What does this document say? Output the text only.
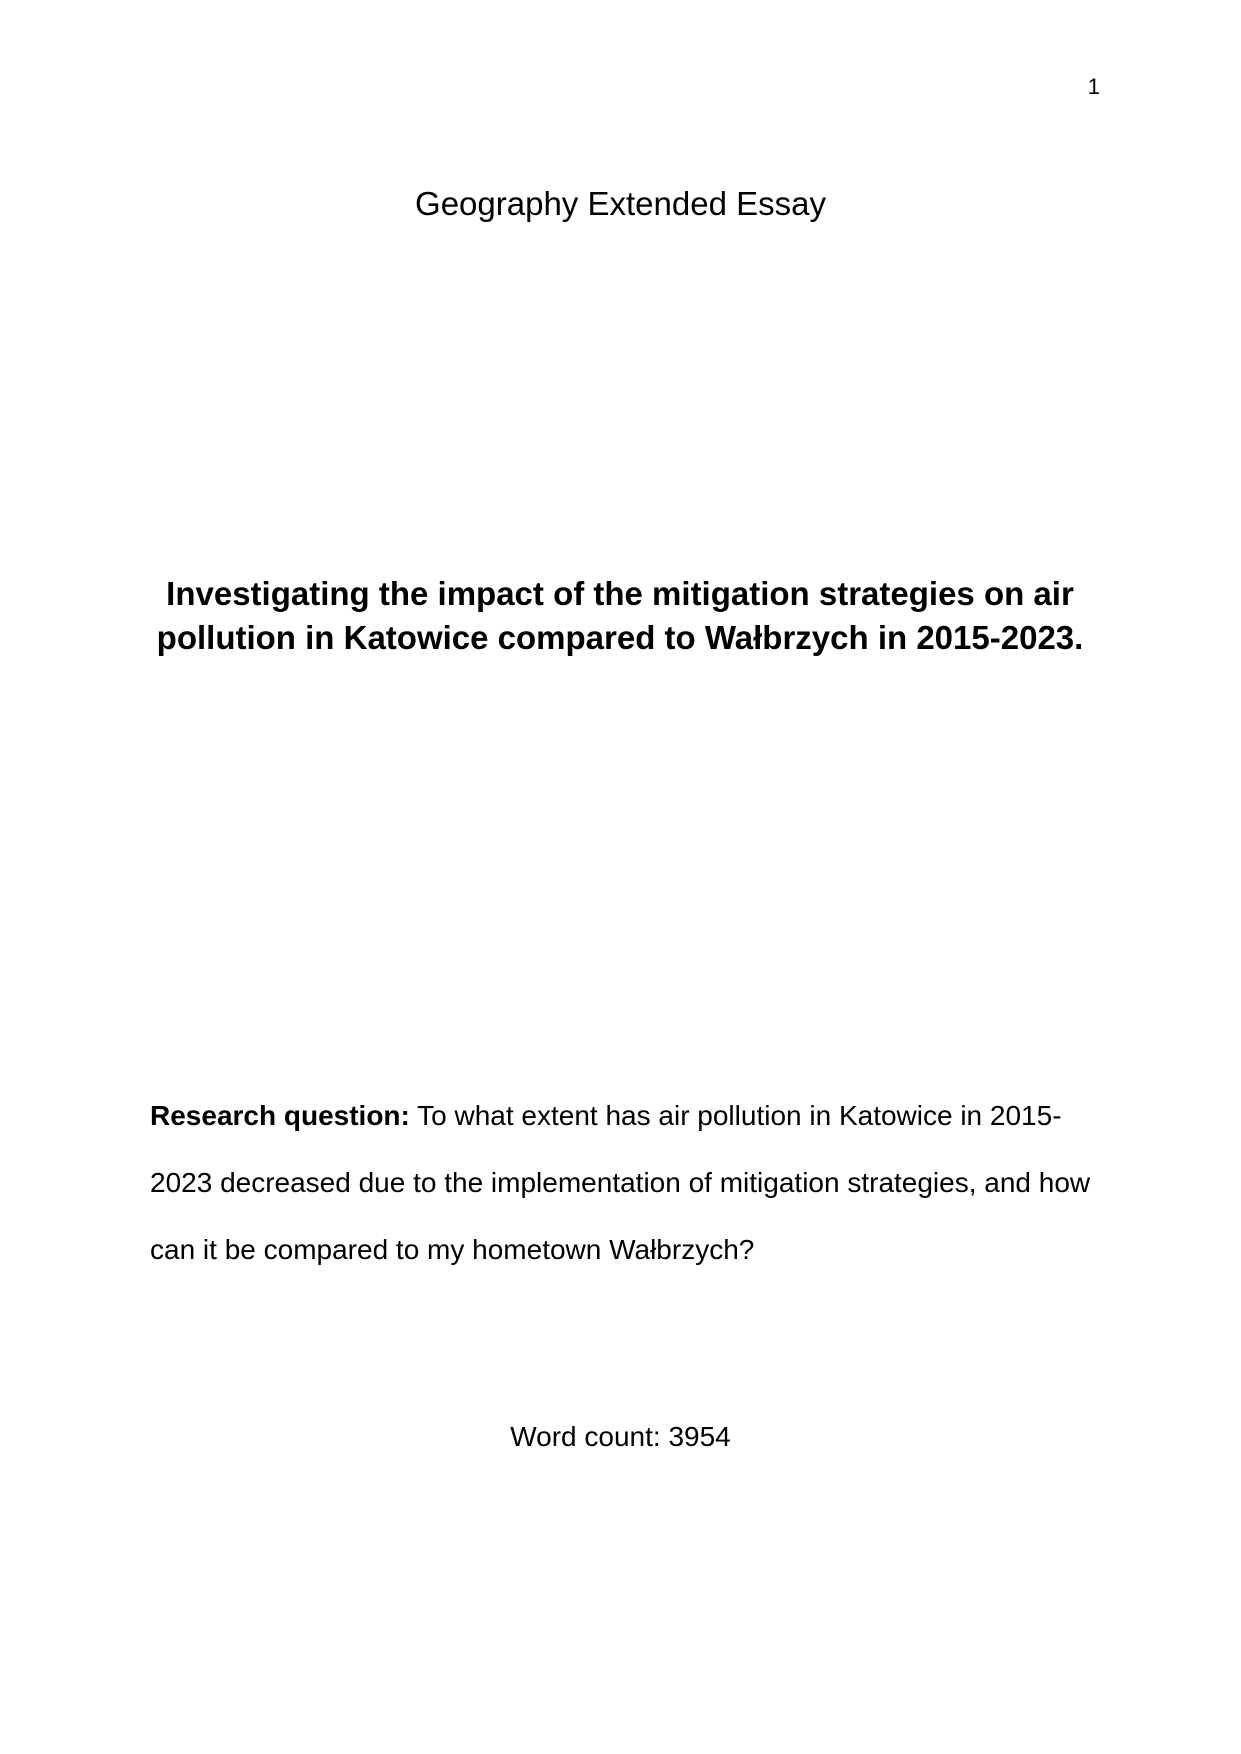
1
Geography Extended Essay
Investigating the impact of the mitigation strategies on air pollution in Katowice compared to Wałbrzych in 2015-2023.

Research question: To what extent has air pollution in Katowice in 2015-2023 decreased due to the implementation of mitigation strategies, and how can it be compared to my hometown Wałbrzych?

Word count: 3954
